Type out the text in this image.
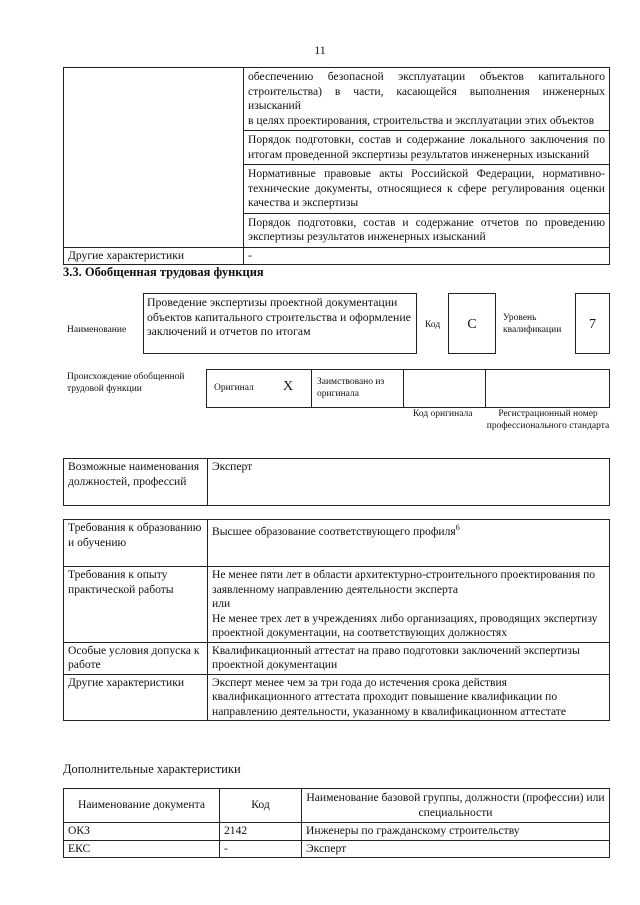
11

	обеспечению безопасной эксплуатации объектов капитального
строительства) в части, касающейся выполнения инженерных изысканий
в целях проектирования, строительства и эксплуатации этих объектов

	Порядок подготовки, состав и содержание локального заключения по
итогам проведенной экспертизы результатов инженерных изысканий

	Нормативные правовые акты Российской Федерации, нормативно-
технические документы, относящиеся к сфере регулирования оценки
качества и экспертизы

	Порядок подготовки, состав и содержание отчетов по проведению
экспертизы результатов инженерных изысканий

Другие характеристики	-
3.3. Обобщенная трудовая функция
Наименование
Проведение экспертизы проектной документации объектов капитального строительства и оформление заключений и отчетов по итогам	Код	C	Уровень квалификации	7
Происхождение обобщенной трудовой функции	Оригинал X	Заимствовано из оригинала
Код оригинала	Регистрационный номер профессионального стандарта
Возможные наименования должностей, профессий	Эксперт
Требования к образованию и обучению	Высшее образование соответствующего профиля$^6$
Требования к опыту практической работы	Не менее пяти лет в области архитектурно-строительного проектирования по заявленному направлению деятельности эксперта
или
Не менее трех лет в учреждениях либо организациях, проводящих экспертизу проектной документации, на соответствующих должностях

Особые условия допуска к работе	Квалификационный аттестат на право подготовки заключений экспертизы проектной документации
Другие характеристики	Эксперт менее чем за три года до истечения срока действия квалификационного аттестата проходит повышение квалификации по направлению деятельности, указанному в квалификационном аттестате
Дополнительные характеристики
Наименование документа	Код	Наименование базовой группы, должности (профессии) или специальности
ОКЗ	2142	Инженеры по гражданскому строительству
ЕКС	-	Эксперт
